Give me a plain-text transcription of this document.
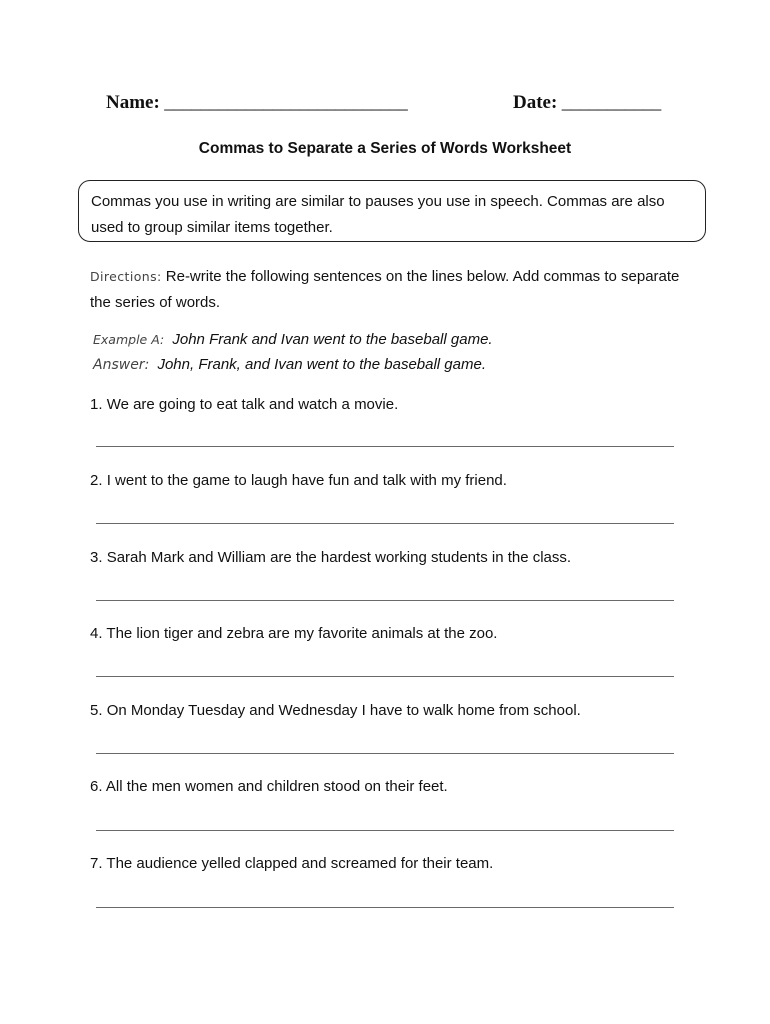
Name: ___________________________	Date: ___________
Commas to Separate a Series of Words Worksheet
Commas you use in writing are similar to pauses you use in speech. Commas are also used to group similar items together.
Directions: Re-write the following sentences on the lines below. Add commas to separate the series of words.
Example A: John Frank and Ivan went to the baseball game.
Answer: John, Frank, and Ivan went to the baseball game.
1. We are going to eat talk and watch a movie.
2. I went to the game to laugh have fun and talk with my friend.
3. Sarah Mark and William are the hardest working students in the class.
4. The lion tiger and zebra are my favorite animals at the zoo.
5. On Monday Tuesday and Wednesday I have to walk home from school.
6. All the men women and children stood on their feet.
7. The audience yelled clapped and screamed for their team.
